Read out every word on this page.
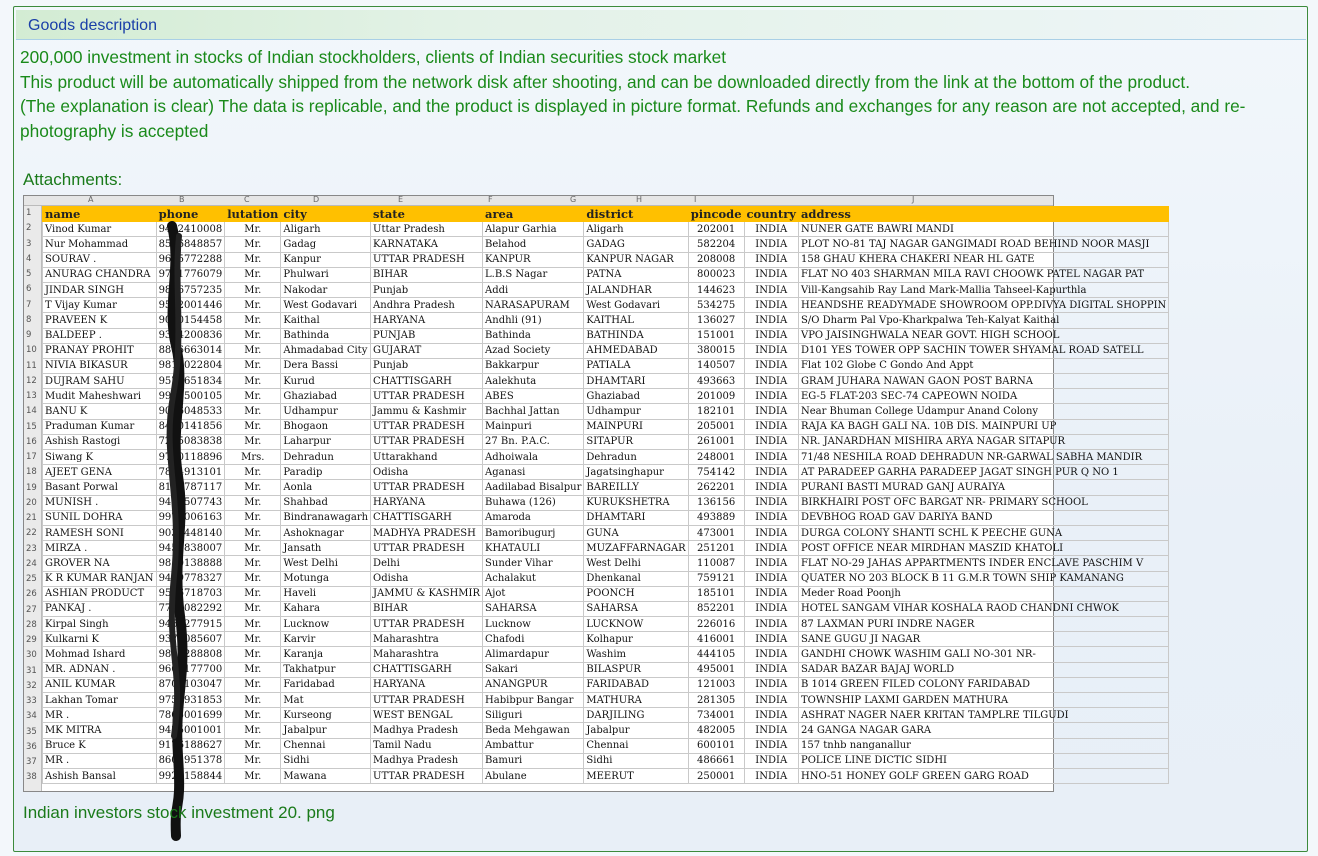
Goods description

200,000 investment in stocks of Indian stockholders, clients of Indian securities stock market

This product will be automatically shipped from the network disk after shooting, and can be downloaded directly from the link at the bottom of the product.

(The explanation is clear) The data is replicable, and the product is displayed in picture format. Refunds and exchanges for any reason are not accepted, and re-photography is accepted

Attachments:
A	B	C	D	E	F	G	H	I	J
1
2
3
4
5
6
7
8
9
10
11
12
13
14
15
16
17
18
19
20
21
22
23
24
25
26
27
28
29
30
31
32
33
34
35
36
37
38
name	phone	lutation	city	state	area	district	pincode	country	address
Vinod Kumar	9412410008	Mr.	Aligarh	Uttar Pradesh	Alapur Garhia	Aligarh	202001	INDIA	NUNER GATE BAWRI MANDI
Nur Mohammad	8546848857	Mr.	Gadag	KARNATAKA	Belahod	GADAG	582204	INDIA	PLOT NO-81 TAJ NAGAR GANGIMADI ROAD BEHIND NOOR MASJI
SOURAV .	9695772288	Mr.	Kanpur	UTTAR PRADESH	KANPUR	KANPUR NAGAR	208008	INDIA	158 GHAU KHERA CHAKERI NEAR HL GATE
ANURAG CHANDRA	9771776079	Mr.	Phulwari	BIHAR	L.B.S Nagar	PATNA	800023	INDIA	FLAT NO 403 SHARMAN MILA RAVI CHOOWK PATEL NAGAR PAT
JINDAR SINGH	9876757235	Mr.	Nakodar	Punjab	Addi	JALANDHAR	144623	INDIA	Vill-Kangsahib Ray Land Mark-Mallia Tahseel-Kapurthla
T Vijay Kumar	9502001446	Mr.	West Godavari	Andhra Pradesh	NARASAPURAM	West Godavari	534275	INDIA	HEANDSHE READYMADE SHOWROOM OPP.DIVYA DIGITAL SHOPPIN
PRAVEEN K	9050154458	Mr.	Kaithal	HARYANA	Andhli (91)	KAITHAL	136027	INDIA	S/O Dharm Pal Vpo-Kharkpalwa Teh-Kalyat Kaithal
BALDEEP .	9364200836	Mr.	Bathinda	PUNJAB	Bathinda	BATHINDA	151001	INDIA	VPO JAISINGHWALA NEAR GOVT. HIGH SCHOOL
PRANAY PROHIT	8866663014	Mr.	Ahmadabad City	GUJARAT	Azad Society	AHMEDABAD	380015	INDIA	D101 YES TOWER OPP SACHIN TOWER SHYAMAL ROAD SATELL
NIVIA BIKASUR	9816022804	Mr.	Dera Bassi	Punjab	Bakkarpur	PATIALA	140507	INDIA	Flat 102 Globe C Gondo And Appt
DUJRAM SAHU	9575651834	Mr.	Kurud	CHATTISGARH	Aalekhuta	DHAMTARI	493663	INDIA	GRAM JUHARA NAWAN GAON POST BARNA
Mudit Maheshwari	9971500105	Mr.	Ghaziabad	UTTAR PRADESH	ABES	Ghaziabad	201009	INDIA	EG-5 FLAT-203 SEC-74 CAPEOWN NOIDA
BANU K	9086048533	Mr.	Udhampur	Jammu & Kashmir	Bachhal Jattan	Udhampur	182101	INDIA	Near Bhuman College Udampur Anand Colony
Praduman Kumar	8400141856	Mr.	Bhogaon	UTTAR PRADESH	Mainpuri	MAINPURI	205001	INDIA	RAJA KA BAGH GALI NA. 10B DIS. MAINPURI UP
Ashish Rastogi	7275083838	Mr.	Laharpur	UTTAR PRADESH	27 Bn. P.A.C.	SITAPUR	261001	INDIA	NR. JANARDHAN MISHIRA ARYA NAGAR SITAPUR
Siwang K	9760118896	Mrs.	Dehradun	Uttarakhand	Adhoiwala	Dehradun	248001	INDIA	71/48 NESHILA ROAD DEHRADUN NR-GARWAL SABHA MANDIR
AJEET GENA	7894913101	Mr.	Paradip	Odisha	Aganasi	Jagatsinghapur	754142	INDIA	AT PARADEEP GARHA PARADEEP JAGAT SINGH PUR Q NO 1
Basant Porwal	8171787117	Mr.	Aonla	UTTAR PRADESH	Aadilabad Bisalpur	BAREILLY	262201	INDIA	PURANI BASTI MURAD GANJ AURAIYA
MUNISH .	9405507743	Mr.	Shahbad	HARYANA	Buhawa (126)	KURUKSHETRA	136156	INDIA	BIRKHAIRI POST OFC BARGAT NR- PRIMARY SCHOOL
SUNIL DOHRA	9977006163	Mr.	Bindranawagarh	CHATTISGARH	Amaroda	DHAMTARI	493889	INDIA	DEVBHOG ROAD GAV DARIYA BAND
RAMESH SONI	9039448140	Mr.	Ashoknagar	MADHYA PRADESH	Bamoribugurj	GUNA	473001	INDIA	DURGA COLONY SHANTI SCHL K PEECHE GUNA
MIRZA .	9456838007	Mr.	Jansath	UTTAR PRADESH	KHATAULI	MUZAFFARNAGAR	251201	INDIA	POST OFFICE NEAR MIRDHAN MASZID KHATOLI
GROVER NA	9810138888	Mr.	West Delhi	Delhi	Sunder Vihar	West Delhi	110087	INDIA	FLAT NO-29 JAHAS APPARTMENTS INDER ENCLAVE PASCHIM V
K R KUMAR RANJAN	9439778327	Mr.	Motunga	Odisha	Achalakut	Dhenkanal	759121	INDIA	QUATER NO 203 BLOCK B 11 G.M.R TOWN SHIP KAMANANG
ASHIAN PRODUCT	9596718703	Mr.	Haveli	JAMMU & KASHMIR	Ajot	POONCH	185101	INDIA	Meder Road Poonjh
PANKAJ .	7765082292	Mr.	Kahara	BIHAR	SAHARSA	SAHARSA	852201	INDIA	HOTEL SANGAM VIHAR KOSHALA RAOD CHANDNI CHWOK
Kirpal Singh	9452277915	Mr.	Lucknow	UTTAR PRADESH	Lucknow	LUCKNOW	226016	INDIA	87 LAXMAN PURI INDRE NAGER
Kulkarni K	9370085607	Mr.	Karvir	Maharashtra	Chafodi	Kolhapur	416001	INDIA	SANE GUGU JI NAGAR
Mohmad Ishard	9822288808	Mr.	Karanja	Maharashtra	Alimardapur	Washim	444105	INDIA	GANDHI CHOWK WASHIM GALI NO-301 NR-
MR. ADNAN .	9669177700	Mr.	Takhatpur	CHATTISGARH	Sakari	BILASPUR	495001	INDIA	SADAR BAZAR BAJAJ WORLD
ANIL KUMAR	8700103047	Mr.	Faridabad	HARYANA	ANANGPUR	FARIDABAD	121003	INDIA	B 1014 GREEN FILED COLONY FARIDABAD
Lakhan Tomar	9759931853	Mr.	Mat	UTTAR PRADESH	Habibpur Bangar	MATHURA	281305	INDIA	TOWNSHIP LAXMI GARDEN MATHURA
MR .	7865001699	Mr.	Kurseong	WEST BENGAL	Siliguri	DARJILING	734001	INDIA	ASHRAT NAGER NAER KRITAN TAMPLRE TILGUDI
MK MITRA	9425001001	Mr.	Jabalpur	Madhya Pradesh	Beda Mehgawan	Jabalpur	482005	INDIA	24 GANGA NAGAR GARA
Bruce K	9176188627	Mr.	Chennai	Tamil Nadu	Ambattur	Chennai	600101	INDIA	157 tnhb nanganallur
MR .	8602951378	Mr.	Sidhi	Madhya Pradesh	Bamuri	Sidhi	486661	INDIA	POLICE LINE DICTIC SIDHI
Ashish Bansal	9927158844	Mr.	Mawana	UTTAR PRADESH	Abulane	MEERUT	250001	INDIA	HNO-51 HONEY GOLF GREEN GARG ROAD
Indian investors stock investment 20. png
